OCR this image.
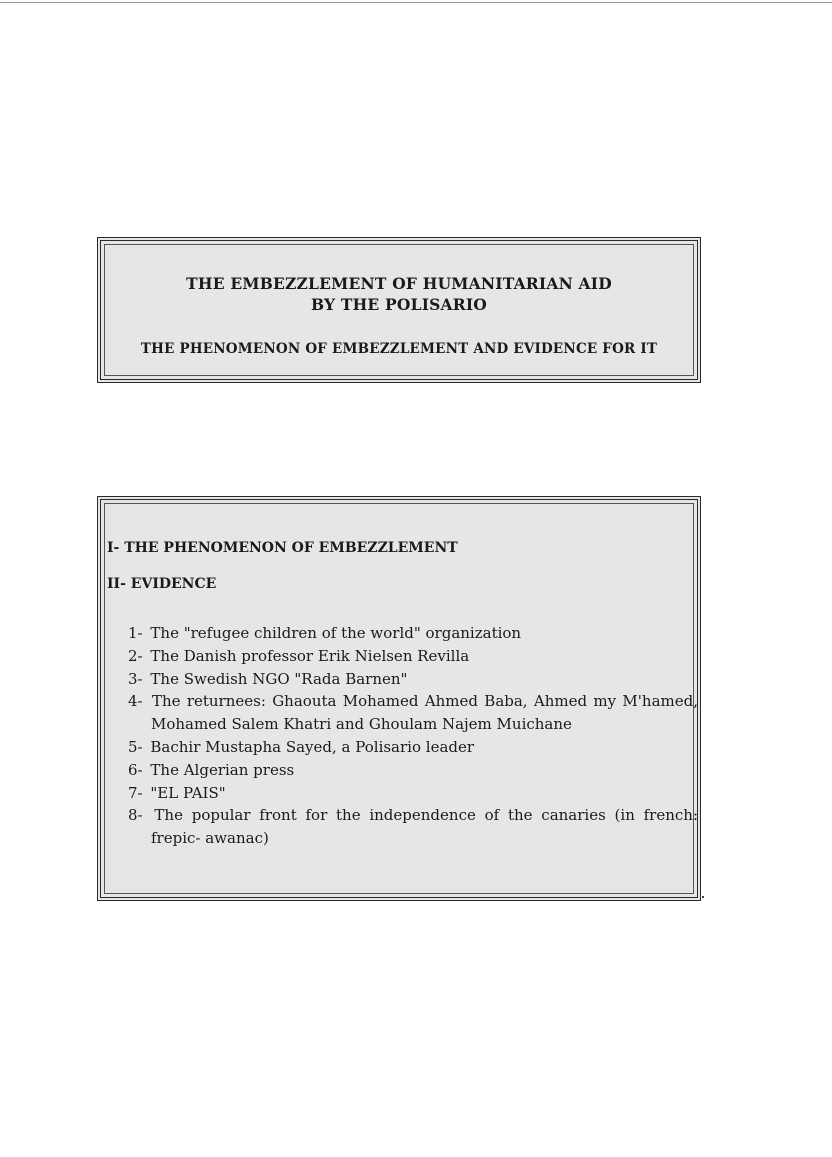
THE EMBEZZLEMENT OF HUMANITARIAN AID
BY THE POLISARIO
THE PHENOMENON OF EMBEZZLEMENT AND EVIDENCE FOR IT
I- THE PHENOMENON OF EMBEZZLEMENT
II- EVIDENCE
1- The "refugee children of the world" organization
2- The Danish professor Erik Nielsen Revilla
3- The Swedish NGO "Rada Barnen"
4- The returnees: Ghaouta Mohamed Ahmed Baba, Ahmed my M'hamed, Mohamed Salem Khatri and Ghoulam Najem Muichane
5- Bachir Mustapha Sayed, a Polisario leader
6- The Algerian press
7- "EL PAIS"
8- The popular front for the independence of the canaries (in french: frepic- awanac)
